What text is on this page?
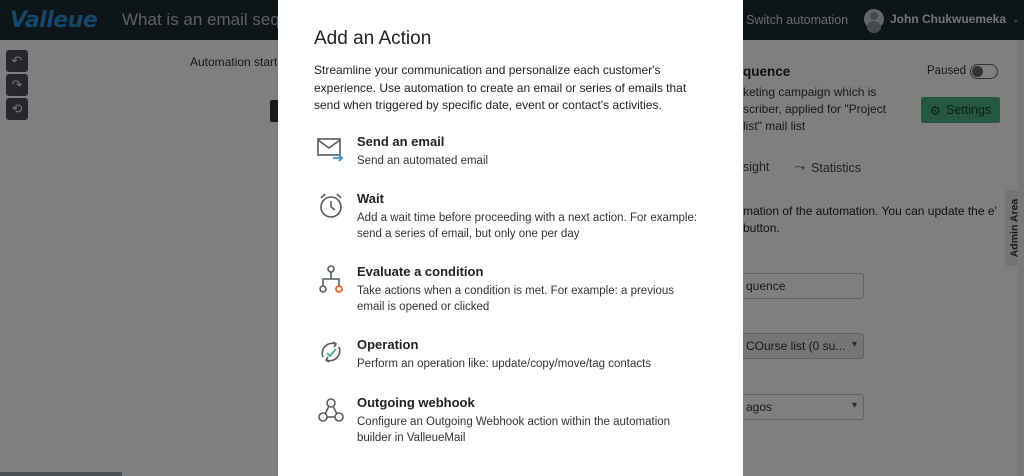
▾
▾
Add an Action
Streamline your communication and personalize each customer's experience. Use automation to create an email or series of emails that send when triggered by specific date, event or contact's activities.
Send an email
Send an automated email
Wait
Add a wait time before proceeding with a next action. For example: send a series of email, but only one per day
Evaluate a condition
Take actions when a condition is met. For example: a previous email is opened or clicked
Operation
Perform an operation like: update/copy/move/tag contacts
Outgoing webhook
Configure an Outgoing Webhook action within the automation builder in ValleueMail
